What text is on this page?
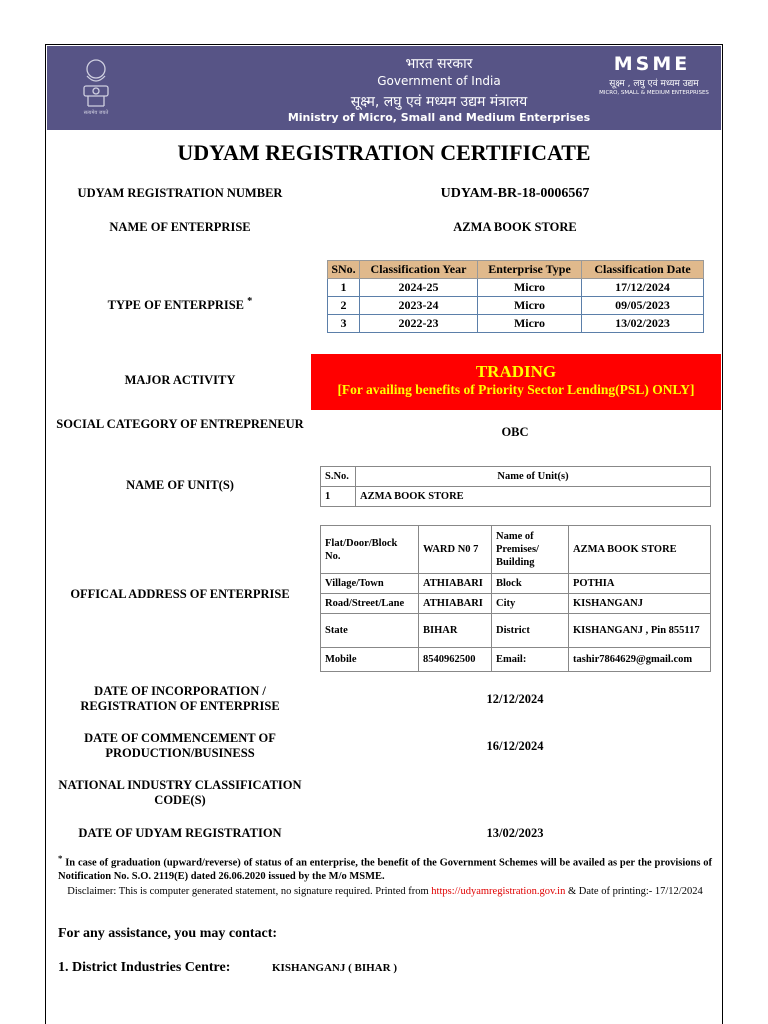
सत्यमेव जयते
भारत सरकार
Government of India
सूक्ष्म, लघु एवं मध्यम उद्यम मंत्रालय
Ministry of Micro, Small and Medium Enterprises
MSME
सूक्ष्म , लघु एवं मध्यम उद्यम
MICRO, SMALL & MEDIUM ENTERPRISES
UDYAM REGISTRATION CERTIFICATE
UDYAM REGISTRATION NUMBER	UDYAM-BR-18-0006567
NAME OF ENTERPRISE	AZMA BOOK STORE
TYPE OF ENTERPRISE *
SNo.	Classification Year	Enterprise Type	Classification Date
1	2024-25	Micro	17/12/2024
2	2023-24	Micro	09/05/2023
3	2022-23	Micro	13/02/2023
MAJOR ACTIVITY	TRADING
[For availing benefits of Priority Sector Lending(PSL) ONLY]
SOCIAL CATEGORY OF ENTREPRENEUR
OBC
NAME OF UNIT(S)
S.No.	Name of Unit(s)
1	AZMA BOOK STORE
OFFICAL ADDRESS OF ENTERPRISE
Flat/Door/Block No.	WARD N0 7	Name of Premises/ Building	AZMA BOOK STORE
Village/Town	ATHIABARI	Block	POTHIA
Road/Street/Lane	ATHIABARI	City	KISHANGANJ
State	BIHAR	District	KISHANGANJ , Pin 855117
Mobile	8540962500	Email:	tashir7864629@gmail.com
DATE OF INCORPORATION / REGISTRATION OF ENTERPRISE	12/12/2024
DATE OF COMMENCEMENT OF PRODUCTION/BUSINESS	16/12/2024
NATIONAL INDUSTRY CLASSIFICATION CODE(S)
DATE OF UDYAM REGISTRATION	13/02/2023
* In case of graduation (upward/reverse) of status of an enterprise, the benefit of the Government Schemes will be availed as per the provisions of Notification No. S.O. 2119(E) dated 26.06.2020 issued by the M/o MSME.
Disclaimer: This is computer generated statement, no signature required. Printed from https://udyamregistration.gov.in & Date of printing:- 17/12/2024
For any assistance, you may contact:
1. District Industries Centre:	KISHANGANJ ( BIHAR )
